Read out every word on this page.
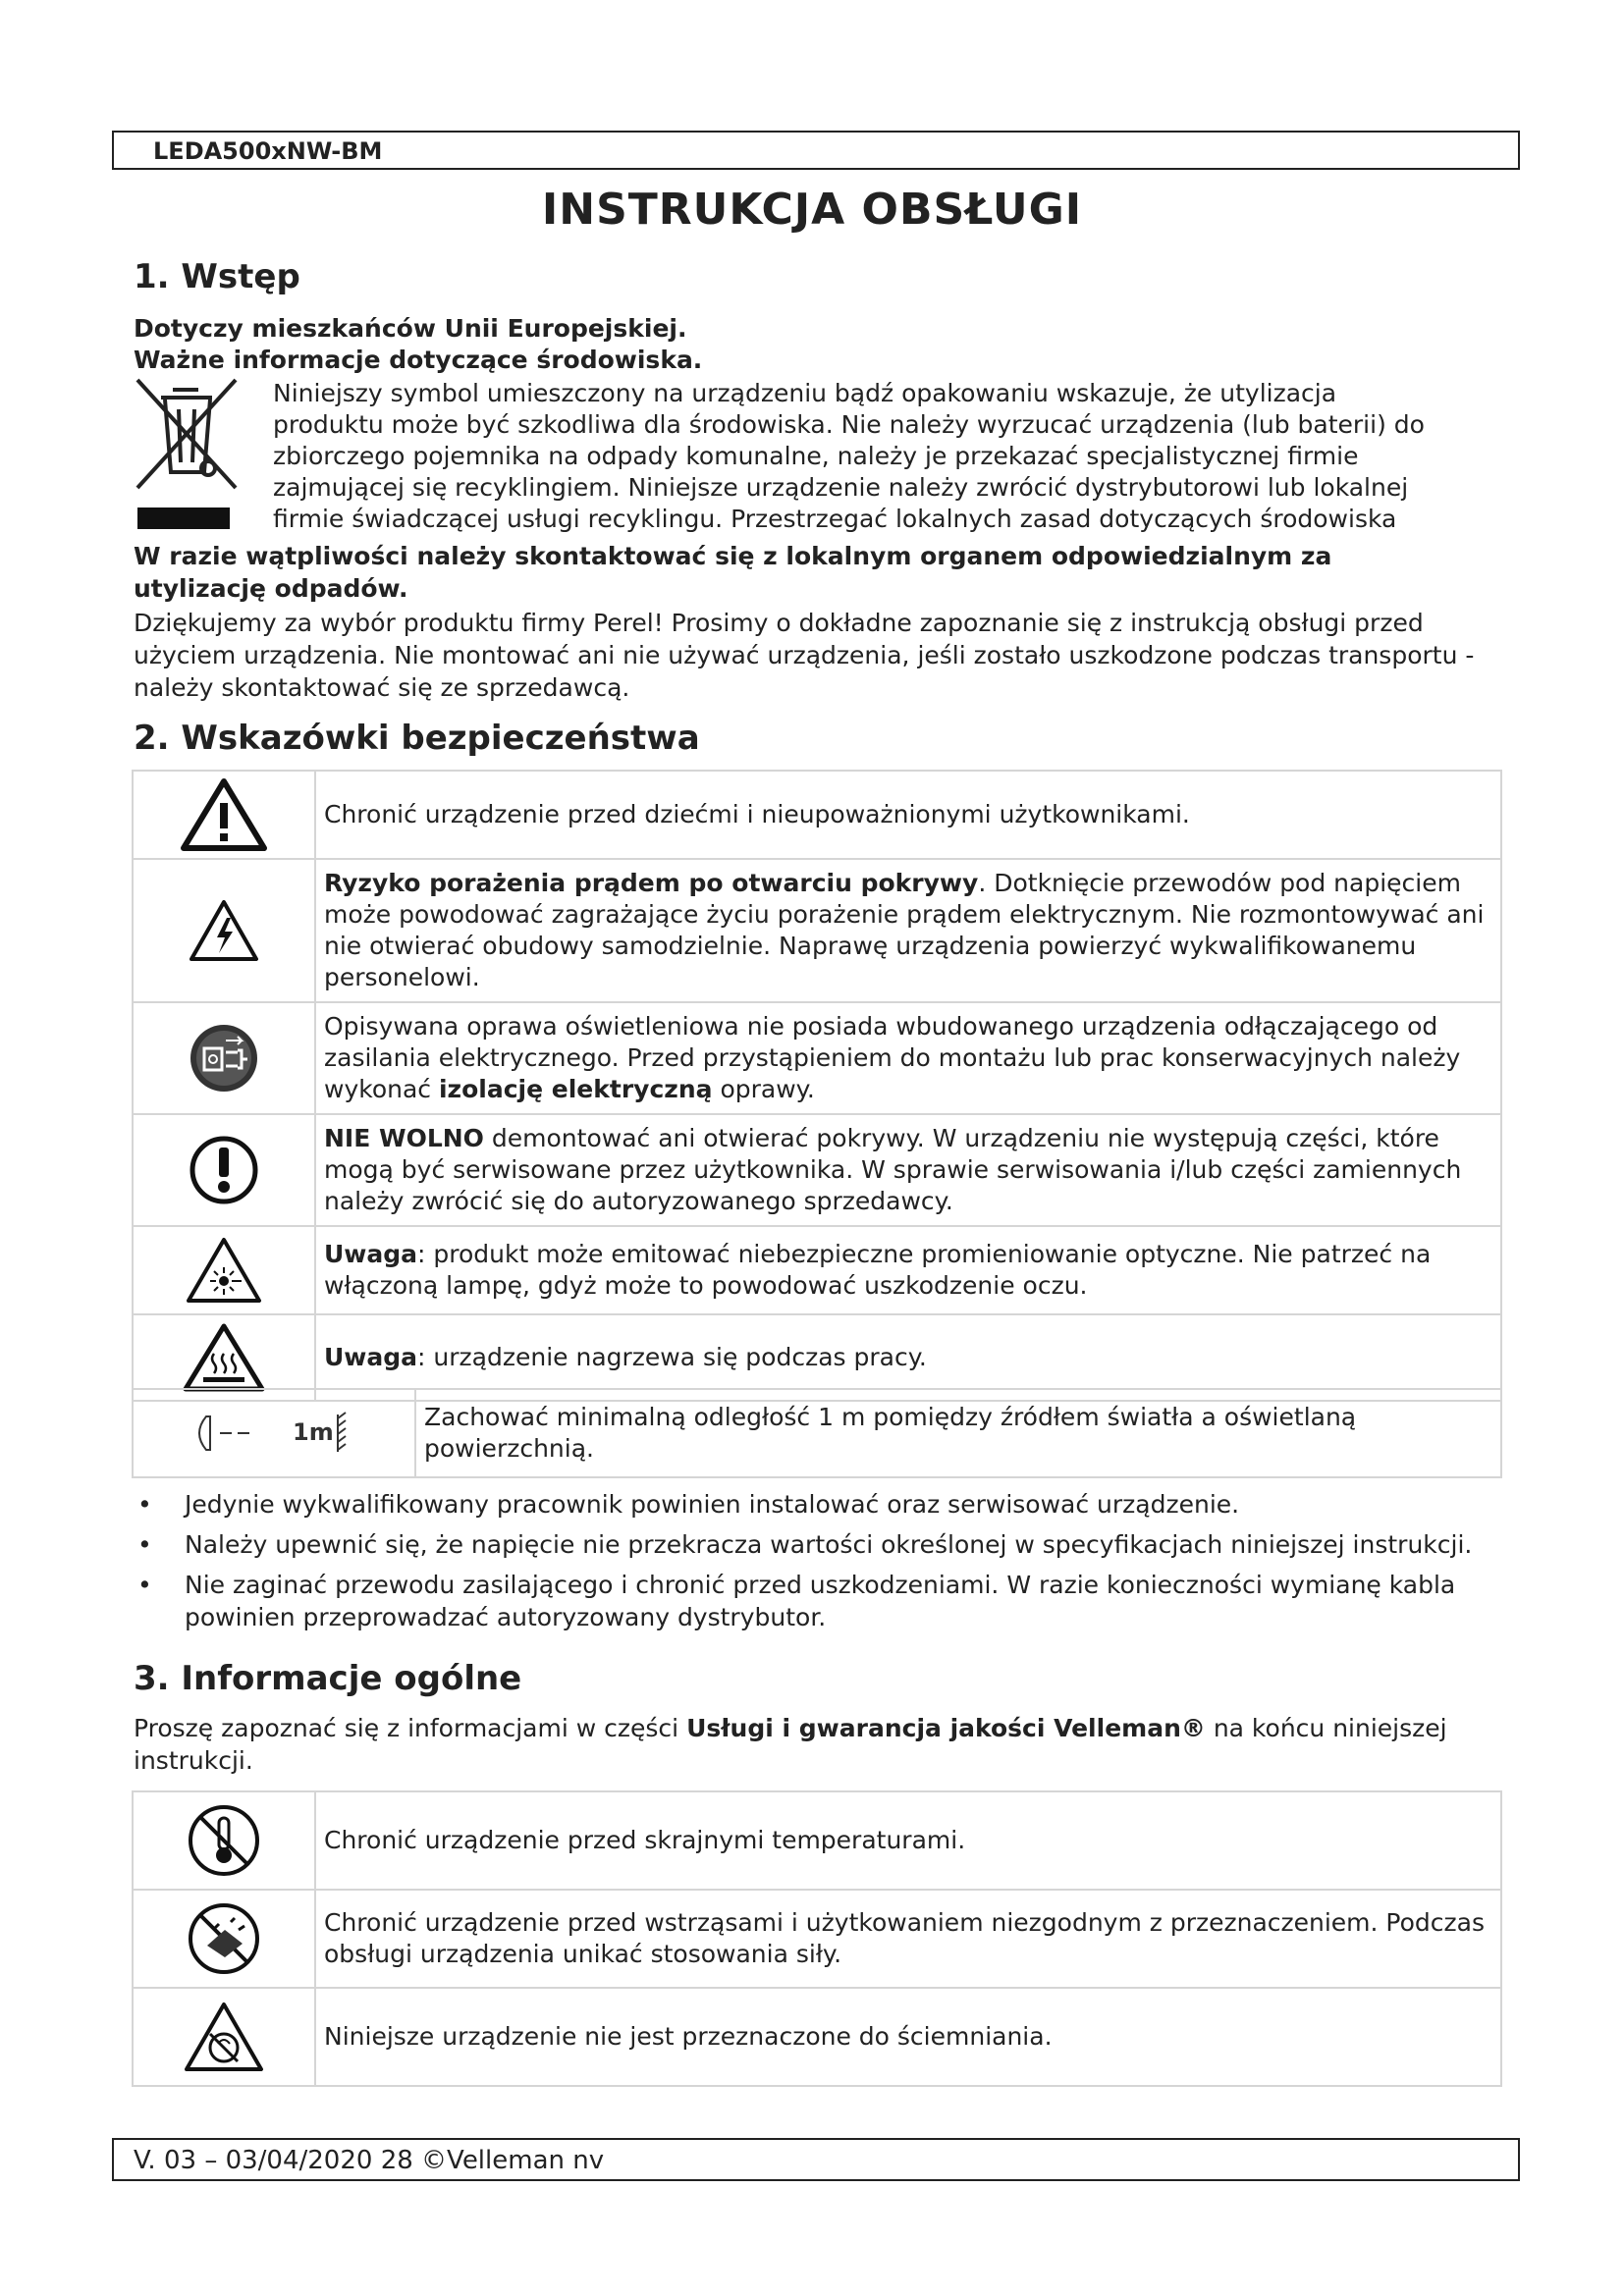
LEDA500xNW-BM
INSTRUKCJA OBSŁUGI
1. Wstęp
Dotyczy mieszkańców Unii Europejskiej.
Ważne informacje dotyczące środowiska.
Niniejszy symbol umieszczony na urządzeniu bądź opakowaniu wskazuje, że utylizacja
produktu może być szkodliwa dla środowiska. Nie należy wyrzucać urządzenia (lub baterii) do
zbiorczego pojemnika na odpady komunalne, należy je przekazać specjalistycznej firmie
zajmującej się recyklingiem. Niniejsze urządzenie należy zwrócić dystrybutorowi lub lokalnej
firmie świadczącej usługi recyklingu. Przestrzegać lokalnych zasad dotyczących środowiska
W razie wątpliwości należy skontaktować się z lokalnym organem odpowiedzialnym za utylizację odpadów.
Dziękujemy za wybór produktu firmy Perel! Prosimy o dokładne zapoznanie się z instrukcją obsługi przed użyciem urządzenia. Nie montować ani nie używać urządzenia, jeśli zostało uszkodzone podczas transportu - należy skontaktować się ze sprzedawcą.
2. Wskazówki bezpieczeństwa
	Chronić urządzenie przed dziećmi i nieupoważnionymi użytkownikami.

	Ryzyko porażenia prądem po otwarciu pokrywy. Dotknięcie przewodów pod napięciem może powodować zagrażające życiu porażenie prądem elektrycznym. Nie rozmontowywać ani nie otwierać obudowy samodzielnie. Naprawę urządzenia powierzyć wykwalifikowanemu personelowi.

	Opisywana oprawa oświetleniowa nie posiada wbudowanego urządzenia odłączającego od zasilania elektrycznego. Przed przystąpieniem do montażu lub prac konserwacyjnych należy wykonać izolację elektryczną oprawy.

	NIE WOLNO demontować ani otwierać pokrywy. W urządzeniu nie występują części, które mogą być serwisowane przez użytkownika. W sprawie serwisowania i/lub części zamiennych należy zwrócić się do autoryzowanego sprzedawcy.

	Uwaga: produkt może emitować niebezpieczne promieniowanie optyczne. Nie patrzeć na włączoną lampę, gdyż może to powodować uszkodzenie oczu.

	Uwaga: urządzenie nagrzewa się podczas pracy.
1m
	Zachować minimalną odległość 1 m pomiędzy źródłem światła a oświetlaną powierzchnią.
• Jedynie wykwalifikowany pracownik powinien instalować oraz serwisować urządzenie.
• Należy upewnić się, że napięcie nie przekracza wartości określonej w specyfikacjach niniejszej instrukcji.
• Nie zaginać przewodu zasilającego i chronić przed uszkodzeniami. W razie konieczności wymianę kabla powinien przeprowadzać autoryzowany dystrybutor.
3. Informacje ogólne
Proszę zapoznać się z informacjami w części Usługi i gwarancja jakości Velleman® na końcu niniejszej instrukcji.
	Chronić urządzenie przed skrajnymi temperaturami.

	Chronić urządzenie przed wstrząsami i użytkowaniem niezgodnym z przeznaczeniem. Podczas obsługi urządzenia unikać stosowania siły.

	Niniejsze urządzenie nie jest przeznaczone do ściemniania.
V. 03 – 03/04/2020 28 ©Velleman nv
